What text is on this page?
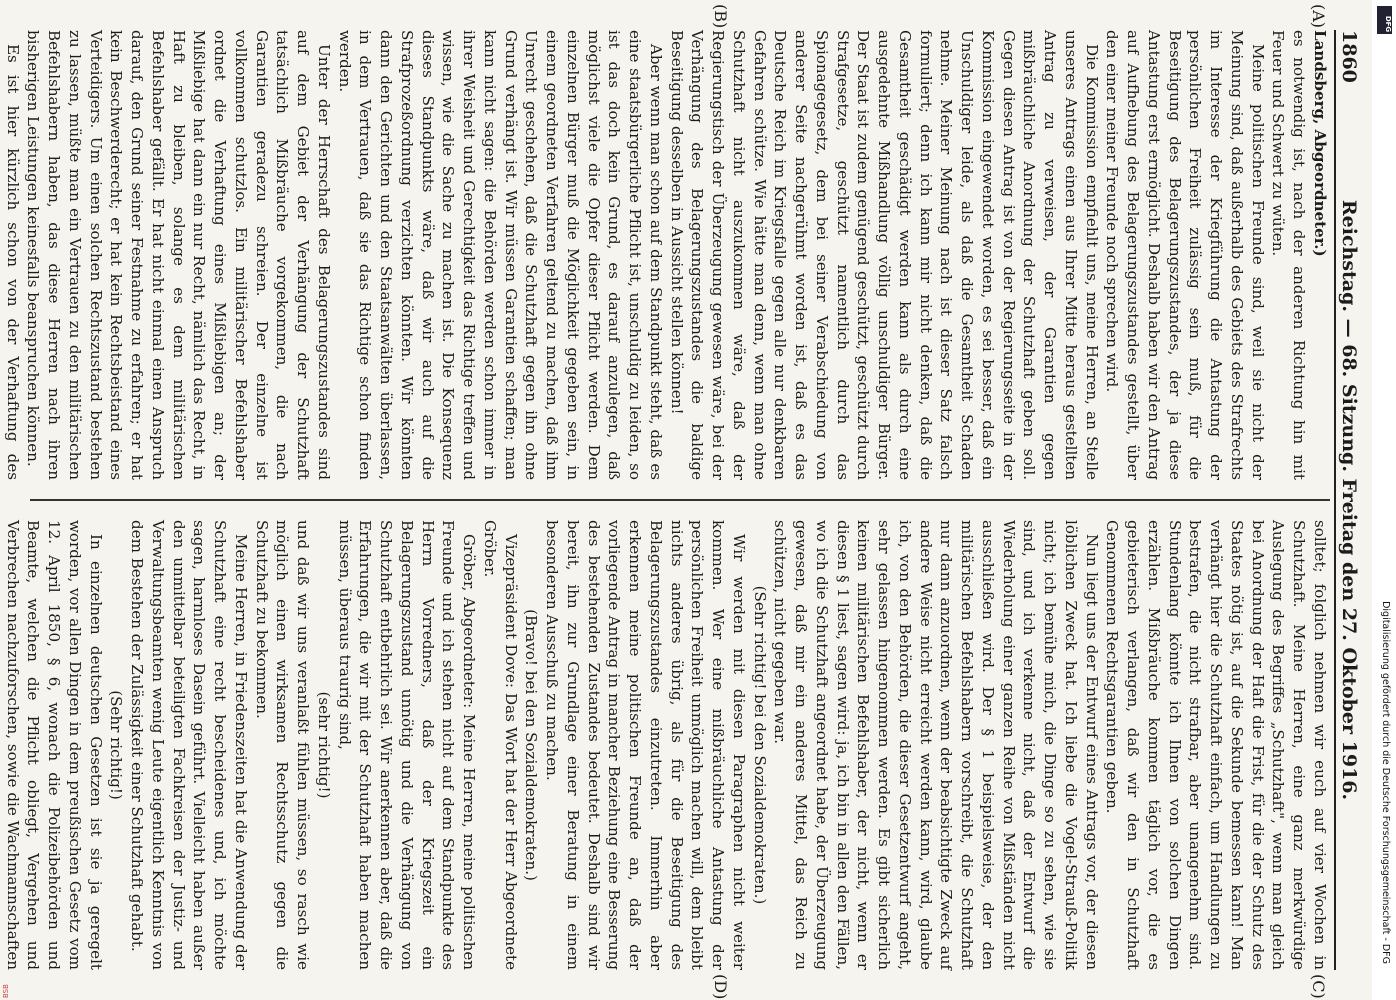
1860
Reichstag. — 68. Sitzung. Freitag den 27. Oktober 1916.
(A)
(B)
(C)
(D)

Landsberg, Abgeordneter.)

es notwendig ist, nach der anderen Richtung hin mit Feuer und Schwert zu wüten.

Meine politischen Freunde sind, weil sie nicht der Meinung sind, daß außerhalb des Gebiets des Strafrechts im Interesse der Kriegführung die Antastung der persönlichen Freiheit zulässig sein muß, für die Beseitigung des Belagerungszustandes, der ja diese Antastung erst ermöglicht. Deshalb haben wir den Antrag auf Aufhebung des Belagerungszustandes gestellt, über den einer meiner Freunde noch sprechen wird.

Die Kommission empfiehlt uns, meine Herren, an Stelle unseres Antrags einen aus Ihrer Mitte heraus gestellten Antrag zu verweisen, der Garantien gegen mißbräuchliche Anordnung der Schutzhaft geben soll. Gegen diesen Antrag ist von der Regierungsseite in der Kommission eingewendet worden, es sei besser, daß ein Unschuldiger leide, als daß die Gesamtheit Schaden nehme. Meiner Meinung nach ist dieser Satz falsch formuliert; denn ich kann mir nicht denken, daß die Gesamtheit geschädigt werden kann als durch eine ausgedehnte Mißhandlung völlig unschuldiger Bürger. Der Staat ist zudem genügend geschützt, geschützt durch Strafgesetze, geschützt namentlich durch das Spionagegesetz, dem bei seiner Verabschiedung von anderer Seite nachgerühmt worden ist, daß es das Deutsche Reich im Kriegsfalle gegen alle nur denkbaren Gefahren schütze. Wie hätte man denn, wenn man ohne Schutzhaft nicht auszukommen wäre, daß der Regierungstisch der Überzeugung gewesen wäre, bei der Verhängung des Belagerungszustandes die baldige Beseitigung desselben in Aussicht stellen können!

Aber wenn man schon auf dem Standpunkt steht, daß es eine staatsbürgerliche Pflicht ist, unschuldig zu leiden, so ist das doch kein Grund, es darauf anzulegen, daß möglichst viele die Opfer dieser Pflicht werden. Dem einzelnen Bürger muß die Möglichkeit gegeben sein, in einem geordneten Verfahren geltend zu machen, daß ihm Unrecht geschehen, daß die Schutzhaft gegen ihn ohne Grund verhängt ist. Wir müssen Garantien schaffen; man kann nicht sagen: die Behörden werden schon immer in ihrer Weisheit und Gerechtigkeit das Richtige treffen und wissen, wie die Sache zu machen ist. Die Konsequenz dieses Standpunkts wäre, daß wir auch auf die Strafprozeßordnung verzichten könnten. Wir könnten dann den Gerichten und den Staatsanwälten überlassen, in dem Vertrauen, daß sie das Richtige schon finden werden.

Unter der Herrschaft des Belagerungszustandes sind auf dem Gebiet der Verhängung der Schutzhaft tatsächlich Mißbräuche vorgekommen, die nach Garantien geradezu schreien. Der einzelne ist vollkommen schutzlos. Ein militärischer Befehlshaber ordnet die Verhaftung eines Mißliebigen an; der Mißliebige hat dann ein nur Recht, nämlich das Recht, in Haft zu bleiben, solange es dem militärischen Befehlshaber gefällt. Er hat nicht einmal einen Anspruch darauf, den Grund seiner Festnahme zu erfahren; er hat kein Beschwerderecht; er hat kein Rechtsbeistand eines Verteidigers. Um einen solchen Rechtszustand bestehen zu lassen, müßte man ein Vertrauen zu den militärischen Befehlshabern haben, das diese Herren nach ihren bisherigen Leistungen keinesfalls beanspruchen können.

Es ist hier kürzlich schon von der Verhaftung des

solltet; folglich nehmen wir euch auf vier Wochen in Schutzhaft. Meine Herren, eine ganz merkwürdige Auslegung des Begriffes „Schutzhaft", wenn man gleich bei Anordnung der Haft die Frist, für die der Schutz des Staates nötig ist, auf die Sekunde bemessen kann! Man verhängt hier die Schutzhaft einfach, um Handlungen zu bestrafen, die nicht strafbar, aber unangenehm sind. Stundenlang könnte ich Ihnen von solchen Dingen erzählen. Mißbräuche kommen täglich vor, die es gebieterisch verlangen, daß wir den in Schutzhaft Genommenen Rechtsgarantien geben.

Nun liegt uns der Entwurf eines Antrags vor, der diesen löblichen Zweck hat. Ich liebe die Vogel-Strauß-Politik nicht; ich bemühe mich, die Dinge so zu sehen, wie sie sind, und ich verkenne nicht, daß der Entwurf die Wiederholung einer ganzen Reihe von Mißständen nicht ausschließen wird. Der § 1 beispielsweise, der den militärischen Befehlshabern vorschreibt, die Schutzhaft nur dann anzuordnen, wenn der beabsichtigte Zweck auf andere Weise nicht erreicht werden kann, wird, glaube ich, von den Behörden, die dieser Gesetzentwurf angeht, sehr gelassen hingenommen werden. Es gibt sicherlich keinen militärischen Befehlshaber, der nicht, wenn er diesen § 1 liest, sagen wird: ja, ich bin in allen den Fällen, wo ich die Schutzhaft angeordnet habe, der Überzeugung gewesen, daß mir ein anderes Mittel, das Reich zu schützen, nicht gegeben war.

(Sehr richtig! bei den Sozialdemokraten.)

Wir werden mit diesen Paragraphen nicht weiter kommen. Wer eine mißbräuchliche Antastung der persönlichen Freiheit unmöglich machen will, dem bleibt nichts anderes übrig, als für die Beseitigung des Belagerungszustandes einzutreten. Immerhin aber erkennen meine politischen Freunde an, daß der vorliegende Antrag in mancher Beziehung eine Besserung des bestehenden Zustandes bedeutet. Deshalb sind wir bereit, ihn zur Grundlage einer Beratung in einem besonderen Ausschuß zu machen.

(Bravo! bei den Sozialdemokraten.)

Vizepräsident Dove: Das Wort hat der Herr Abgeordnete Gröber.

Gröber, Abgeordneter: Meine Herren, meine politischen Freunde und ich stehen nicht auf dem Standpunkte des Herrn Vorredners, daß der Kriegszeit ein Belagerungszustand unnötig und die Verhängung von Schutzhaft entbehrlich sei. Wir anerkennen aber, daß die Erfahrungen, die wir mit der Schutzhaft haben machen müssen, überaus traurig sind,

(sehr richtig!)

und daß wir uns veranlaßt fühlen müssen, so rasch wie möglich einen wirksamen Rechtsschutz gegen die Schutzhaft zu bekommen.

Meine Herren, in Friedenszeiten hat die Anwendung der Schutzhaft eine recht bescheidenes und, ich möchte sagen, harmloses Dasein geführt. Vielleicht haben außer den unmittelbar beteiligten Fachkreisen der Justiz- und Verwaltungsbeamten wenig Leute eigentlich Kenntnis von dem Bestehen der Zulässigkeit einer Schutzhaft gehabt.

(Sehr richtig!)

In einzelnen deutschen Gesetzen ist sie ja geregelt worden, vor allen Dingen in dem preußischen Gesetz vom 12. April 1850, § 6, wonach die Polizeibehörden und Beamte, welchen die Pflicht obliegt, Vergehen und Verbrechen nachzuforschen, sowie die Wachmannschaften

DFG
Digitalisierung gefördert durch die Deutsche Forschungsgemeinschaft - DFG
BSB
